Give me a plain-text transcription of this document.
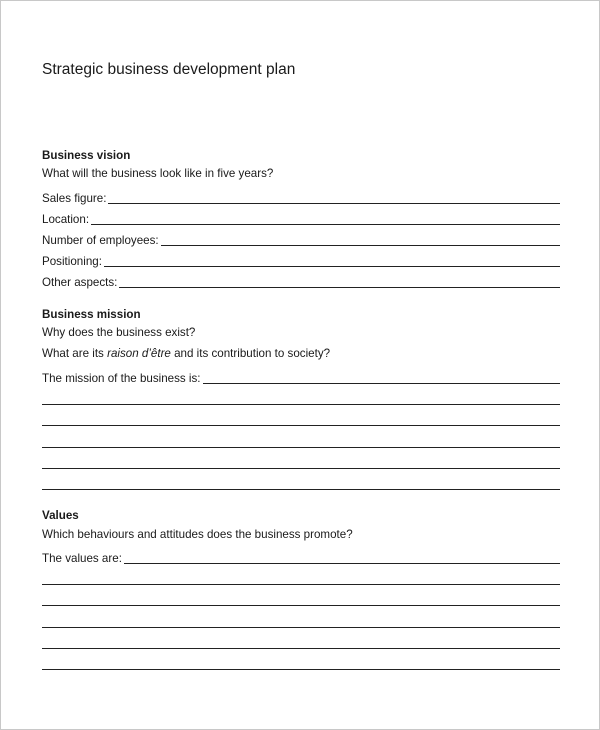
Strategic business development plan
Business vision
What will the business look like in five years?
Sales figure:
Location:
Number of employees:
Positioning:
Other aspects:
Business mission
Why does the business exist?
What are its raison d’être and its contribution to society?
The mission of the business is:
Values
Which behaviours and attitudes does the business promote?
The values are:
